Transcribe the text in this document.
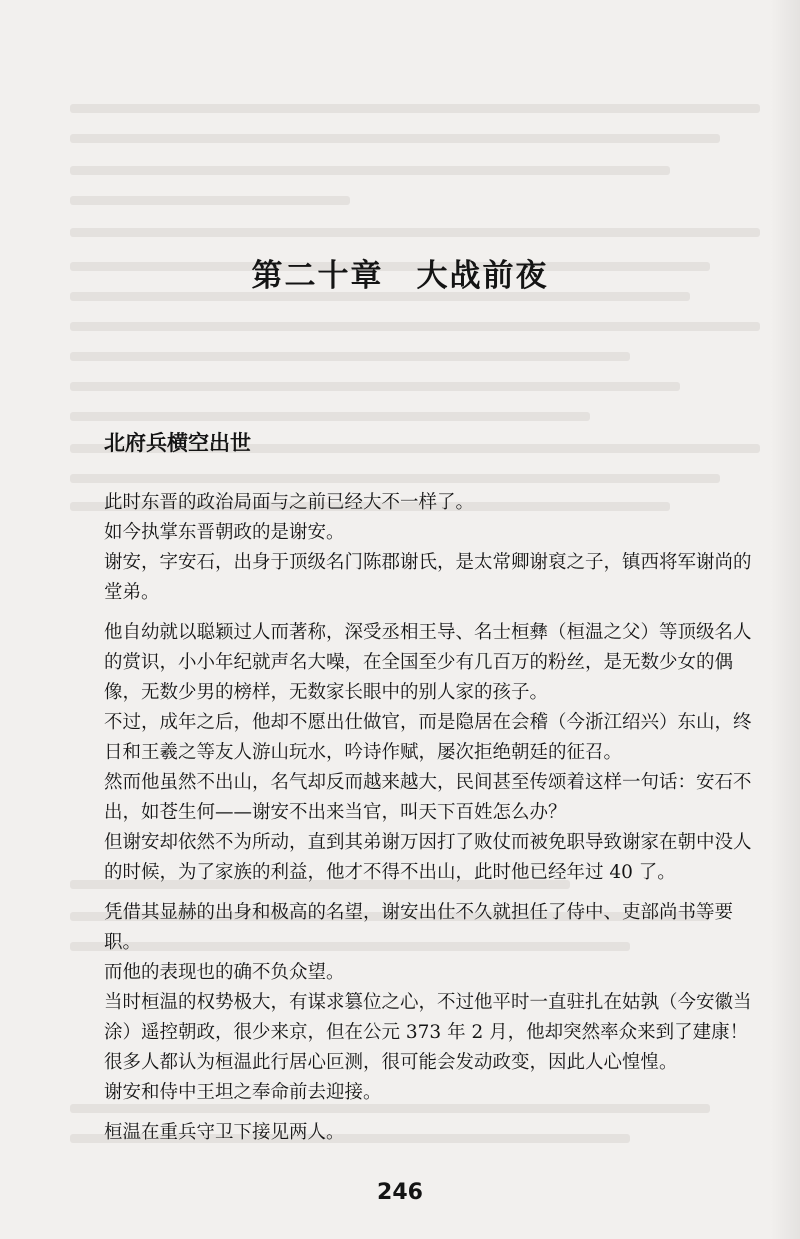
第二十章　大战前夜
北府兵横空出世

此时东晋的政治局面与之前已经大不一样了。

如今执掌东晋朝政的是谢安。

谢安，字安石，出身于顶级名门陈郡谢氏，是太常卿谢裒之子，镇西将军谢尚的堂弟。

他自幼就以聪颖过人而著称，深受丞相王导、名士桓彝（桓温之父）等顶级名人的赏识，小小年纪就声名大噪，在全国至少有几百万的粉丝，是无数少女的偶像，无数少男的榜样，无数家长眼中的别人家的孩子。

不过，成年之后，他却不愿出仕做官，而是隐居在会稽（今浙江绍兴）东山，终日和王羲之等友人游山玩水，吟诗作赋，屡次拒绝朝廷的征召。

然而他虽然不出山，名气却反而越来越大，民间甚至传颂着这样一句话：安石不出，如苍生何——谢安不出来当官，叫天下百姓怎么办？

但谢安却依然不为所动，直到其弟谢万因打了败仗而被免职导致谢家在朝中没人的时候，为了家族的利益，他才不得不出山，此时他已经年过 40 了。

凭借其显赫的出身和极高的名望，谢安出仕不久就担任了侍中、吏部尚书等要职。

而他的表现也的确不负众望。

当时桓温的权势极大，有谋求篡位之心，不过他平时一直驻扎在姑孰（今安徽当涂）遥控朝政，很少来京，但在公元 373 年 2 月，他却突然率众来到了建康！

很多人都认为桓温此行居心叵测，很可能会发动政变，因此人心惶惶。

谢安和侍中王坦之奉命前去迎接。

桓温在重兵守卫下接见两人。

246
